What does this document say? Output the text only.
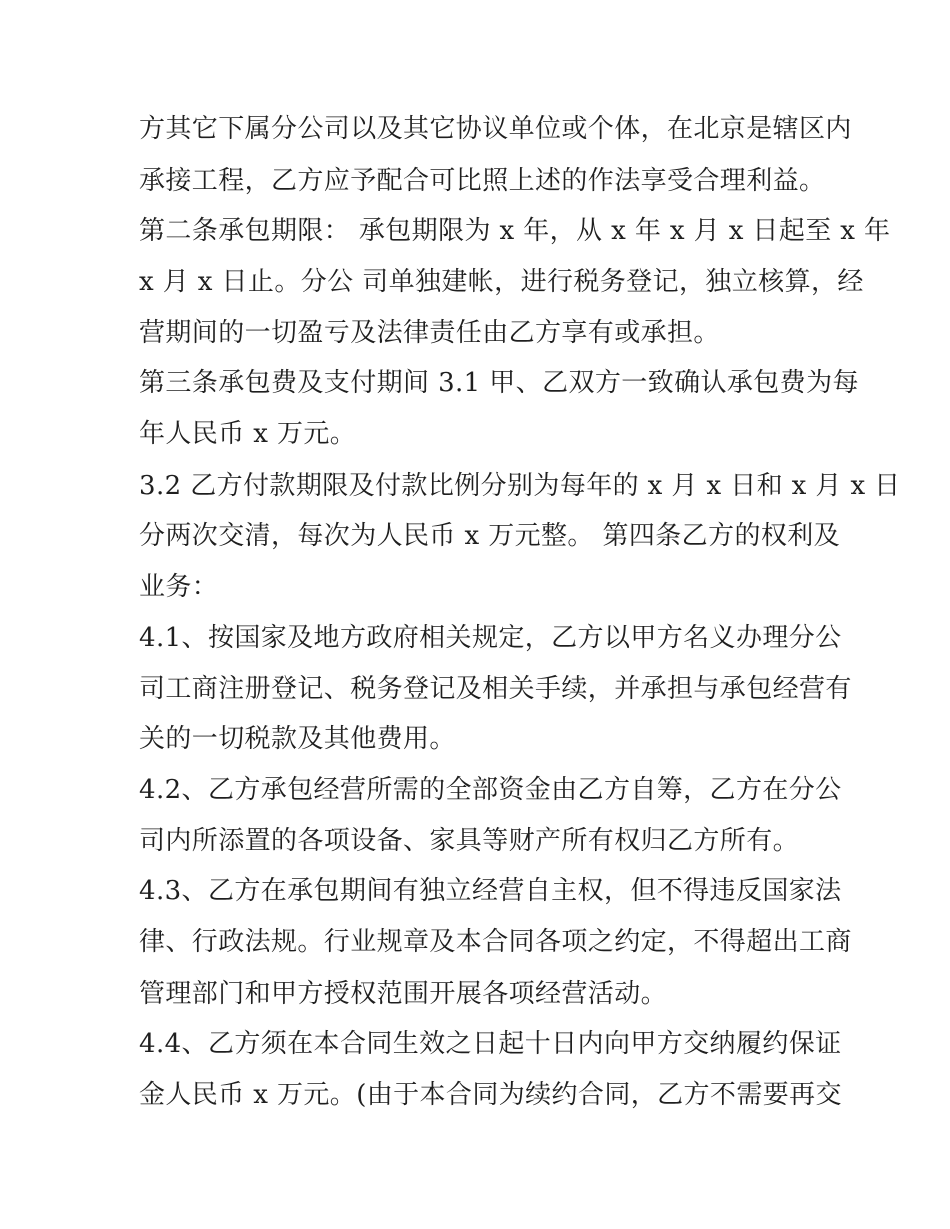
方其它下属分公司以及其它协议单位或个体，在北京是辖区内
承接工程，乙方应予配合可比照上述的作法享受合理利益。
第二条承包期限： 承包期限为 x 年，从 x 年 x 月 x 日起至 x 年
x 月 x 日止。分公 司单独建帐，进行税务登记，独立核算，经
营期间的一切盈亏及法律责任由乙方享有或承担。
第三条承包费及支付期间 3.1 甲、乙双方一致确认承包费为每
年人民币 x 万元。
3.2 乙方付款期限及付款比例分别为每年的 x 月 x 日和 x 月 x 日
分两次交清，每次为人民币 x 万元整。 第四条乙方的权利及
业务：
4.1、按国家及地方政府相关规定，乙方以甲方名义办理分公
司工商注册登记、税务登记及相关手续，并承担与承包经营有
关的一切税款及其他费用。
4.2、乙方承包经营所需的全部资金由乙方自筹，乙方在分公
司内所添置的各项设备、家具等财产所有权归乙方所有。
4.3、乙方在承包期间有独立经营自主权，但不得违反国家法
律、行政法规。行业规章及本合同各项之约定，不得超出工商
管理部门和甲方授权范围开展各项经营活动。
4.4、乙方须在本合同生效之日起十日内向甲方交纳履约保证
金人民币 x 万元。(由于本合同为续约合同，乙方不需要再交
